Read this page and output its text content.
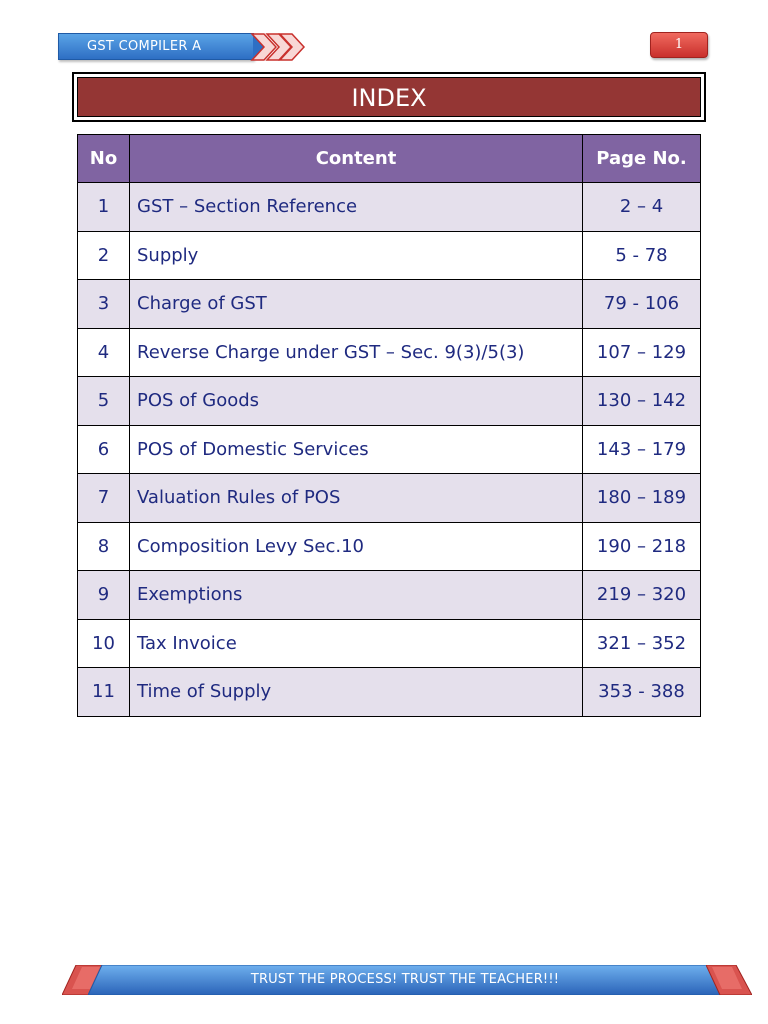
GST COMPILER A	1
INDEX
No	Content	Page No.
1	GST – Section Reference	2 – 4
2	Supply	5 - 78
3	Charge of GST	79 - 106
4	Reverse Charge under GST – Sec. 9(3)/5(3)	107 – 129
5	POS of Goods	130 – 142
6	POS of Domestic Services	143 – 179
7	Valuation Rules of POS	180 – 189
8	Composition Levy Sec.10	190 – 218
9	Exemptions	219 – 320
10	Tax Invoice	321 – 352
11	Time of Supply	353 - 388
TRUST THE PROCESS! TRUST THE TEACHER!!!
